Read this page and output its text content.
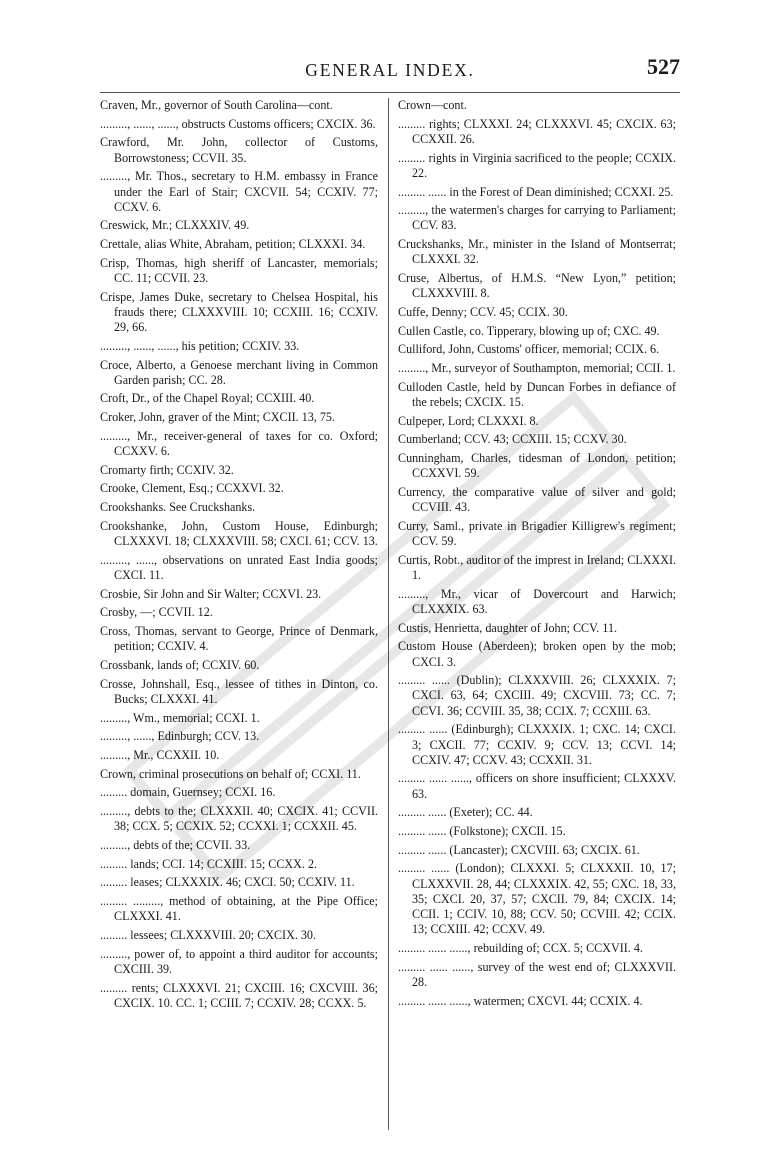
GENERAL INDEX.	527

Craven, Mr., governor of South Carolina—cont.

........., ......, ......, obstructs Customs officers; CXCIX. 36.

Crawford, Mr. John, collector of Customs, Borrowstoness; CCVII. 35.

........., Mr. Thos., secretary to H.M. embassy in France under the Earl of Stair; CXCVII. 54; CCXIV. 77; CCXV. 6.

Creswick, Mr.; CLXXXIV. 49.

Crettale, alias White, Abraham, petition; CLXXXI. 34.

Crisp, Thomas, high sheriff of Lancaster, memorials; CC. 11; CCVII. 23.

Crispe, James Duke, secretary to Chelsea Hospital, his frauds there; CLXXXVIII. 10; CCXIII. 16; CCXIV. 29, 66.

........., ......, ......, his petition; CCXIV. 33.

Croce, Alberto, a Genoese merchant living in Common Garden parish; CC. 28.

Croft, Dr., of the Chapel Royal; CCXIII. 40.

Croker, John, graver of the Mint; CXCII. 13, 75.

........., Mr., receiver-general of taxes for co. Oxford; CCXXV. 6.

Cromarty firth; CCXIV. 32.

Crooke, Clement, Esq.; CCXXVI. 32.

Crookshanks. See Cruckshanks.

Crookshanke, John, Custom House, Edinburgh; CLXXXVI. 18; CLXXXVIII. 58; CXCI. 61; CCV. 13.

........., ......, observations on unrated East India goods; CXCI. 11.

Crosbie, Sir John and Sir Walter; CCXVI. 23.

Crosby, —; CCVII. 12.

Cross, Thomas, servant to George, Prince of Denmark, petition; CCXIV. 4.

Crossbank, lands of; CCXIV. 60.

Crosse, Johnshall, Esq., lessee of tithes in Dinton, co. Bucks; CLXXXI. 41.

........., Wm., memorial; CCXI. 1.

........., ......, Edinburgh; CCV. 13.

........., Mr., CCXXII. 10.

Crown, criminal prosecutions on behalf of; CCXI. 11.

......... domain, Guernsey; CCXI. 16.

........., debts to the; CLXXXII. 40; CXCIX. 41; CCVII. 38; CCX. 5; CCXIX. 52; CCXXI. 1; CCXXII. 45.

........., debts of the; CCVII. 33.

......... lands; CCI. 14; CCXIII. 15; CCXX. 2.

......... leases; CLXXXIX. 46; CXCI. 50; CCXIV. 11.

......... ........., method of obtaining, at the Pipe Office; CLXXXI. 41.

......... lessees; CLXXXVIII. 20; CXCIX. 30.

........., power of, to appoint a third auditor for accounts; CXCIII. 39.

......... rents; CLXXXVI. 21; CXCIII. 16; CXCVIII. 36; CXCIX. 10. CC. 1; CCIII. 7; CCXIV. 28; CCXX. 5.

Crown—cont.

......... rights; CLXXXI. 24; CLXXXVI. 45; CXCIX. 63; CCXXII. 26.

......... rights in Virginia sacrificed to the people; CCXIX. 22.

......... ...... in the Forest of Dean diminished; CCXXI. 25.

........., the watermen's charges for carrying to Parliament; CCV. 83.

Cruckshanks, Mr., minister in the Island of Montserrat; CLXXXI. 32.

Cruse, Albertus, of H.M.S. “New Lyon,” petition; CLXXXVIII. 8.

Cuffe, Denny; CCV. 45; CCIX. 30.

Cullen Castle, co. Tipperary, blowing up of; CXC. 49.

Culliford, John, Customs' officer, memorial; CCIX. 6.

........., Mr., surveyor of Southampton, memorial; CCII. 1.

Culloden Castle, held by Duncan Forbes in defiance of the rebels; CXCIX. 15.

Culpeper, Lord; CLXXXI. 8.

Cumberland; CCV. 43; CCXIII. 15; CCXV. 30.

Cunningham, Charles, tidesman of London, petition; CCXXVI. 59.

Currency, the comparative value of silver and gold; CCVIII. 43.

Curry, Saml., private in Brigadier Killigrew's regiment; CCV. 59.

Curtis, Robt., auditor of the imprest in Ireland; CLXXXI. 1.

........., Mr., vicar of Dovercourt and Harwich; CLXXXIX. 63.

Custis, Henrietta, daughter of John; CCV. 11.

Custom House (Aberdeen); broken open by the mob; CXCI. 3.

......... ...... (Dublin); CLXXXVIII. 26; CLXXXIX. 7; CXCI. 63, 64; CXCIII. 49; CXCVIII. 73; CC. 7; CCVI. 36; CCVIII. 35, 38; CCIX. 7; CCXIII. 63.

......... ...... (Edinburgh); CLXXXIX. 1; CXC. 14; CXCI. 3; CXCII. 77; CCXIV. 9; CCV. 13; CCVI. 14; CCXIV. 47; CCXV. 43; CCXXII. 31.

......... ...... ......, officers on shore insufficient; CLXXXV. 63.

......... ...... (Exeter); CC. 44.

......... ...... (Folkstone); CXCII. 15.

......... ...... (Lancaster); CXCVIII. 63; CXCIX. 61.

......... ...... (London); CLXXXI. 5; CLXXXII. 10, 17; CLXXXVII. 28, 44; CLXXXIX. 42, 55; CXC. 18, 33, 35; CXCI. 20, 37, 57; CXCII. 79, 84; CXCIX. 14; CCII. 1; CCIV. 10, 88; CCV. 50; CCVIII. 42; CCIX. 13; CCXIII. 42; CCXV. 49.

......... ...... ......, rebuilding of; CCX. 5; CCXVII. 4.

......... ...... ......, survey of the west end of; CLXXXVII. 28.

......... ...... ......, watermen; CXCVI. 44; CCXIX. 4.
